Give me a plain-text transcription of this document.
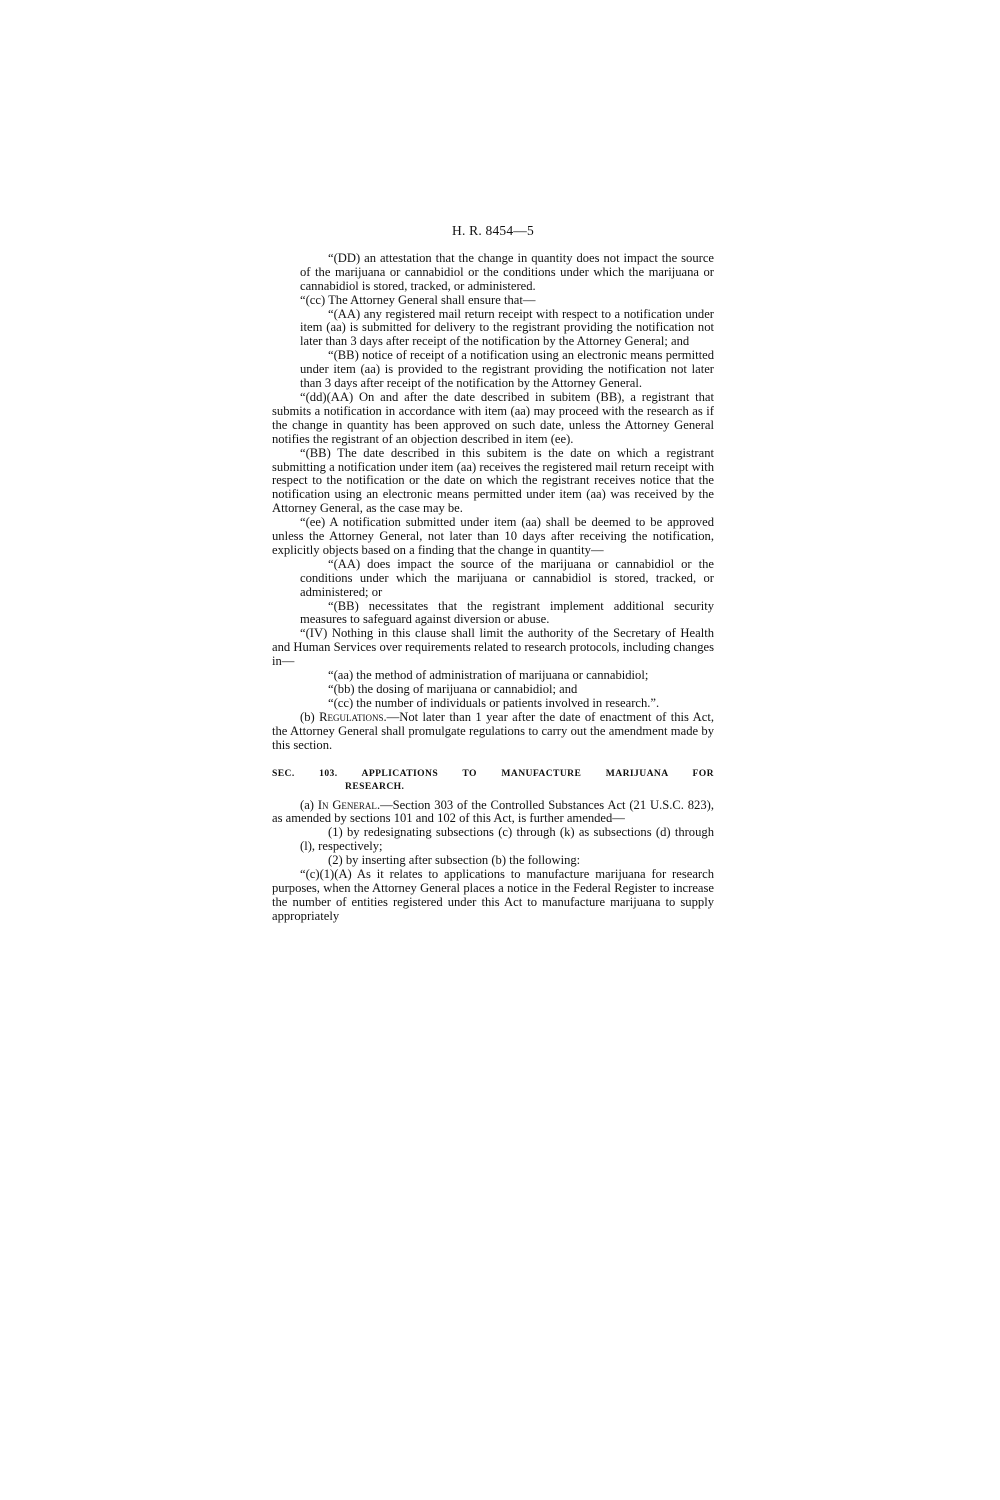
H. R. 8454—5

“(DD) an attestation that the change in quantity does not impact the source of the marijuana or cannabidiol or the conditions under which the marijuana or cannabidiol is stored, tracked, or administered.

“(cc) The Attorney General shall ensure that—

“(AA) any registered mail return receipt with respect to a notification under item (aa) is submitted for delivery to the registrant providing the notification not later than 3 days after receipt of the notification by the Attorney General; and

“(BB) notice of receipt of a notification using an electronic means permitted under item (aa) is provided to the registrant providing the notification not later than 3 days after receipt of the notification by the Attorney General.

“(dd)(AA) On and after the date described in subitem (BB), a registrant that submits a notification in accordance with item (aa) may proceed with the research as if the change in quantity has been approved on such date, unless the Attorney General notifies the registrant of an objection described in item (ee).

“(BB) The date described in this subitem is the date on which a registrant submitting a notification under item (aa) receives the registered mail return receipt with respect to the notification or the date on which the registrant receives notice that the notification using an electronic means permitted under item (aa) was received by the Attorney General, as the case may be.

“(ee) A notification submitted under item (aa) shall be deemed to be approved unless the Attorney General, not later than 10 days after receiving the notification, explicitly objects based on a finding that the change in quantity—

“(AA) does impact the source of the marijuana or cannabidiol or the conditions under which the marijuana or cannabidiol is stored, tracked, or administered; or

“(BB) necessitates that the registrant implement additional security measures to safeguard against diversion or abuse.

“(IV) Nothing in this clause shall limit the authority of the Secretary of Health and Human Services over requirements related to research protocols, including changes in—

“(aa) the method of administration of marijuana or cannabidiol;

“(bb) the dosing of marijuana or cannabidiol; and

“(cc) the number of individuals or patients involved in research.”.

(b) Regulations.—Not later than 1 year after the date of enactment of this Act, the Attorney General shall promulgate regulations to carry out the amendment made by this section.

SEC. 103. APPLICATIONS TO MANUFACTURE MARIJUANA FOR
RESEARCH.

(a) In General.—Section 303 of the Controlled Substances Act (21 U.S.C. 823), as amended by sections 101 and 102 of this Act, is further amended—

(1) by redesignating subsections (c) through (k) as subsections (d) through (l), respectively;

(2) by inserting after subsection (b) the following:

“(c)(1)(A) As it relates to applications to manufacture marijuana for research purposes, when the Attorney General places a notice in the Federal Register to increase the number of entities registered under this Act to manufacture marijuana to supply appropriately
